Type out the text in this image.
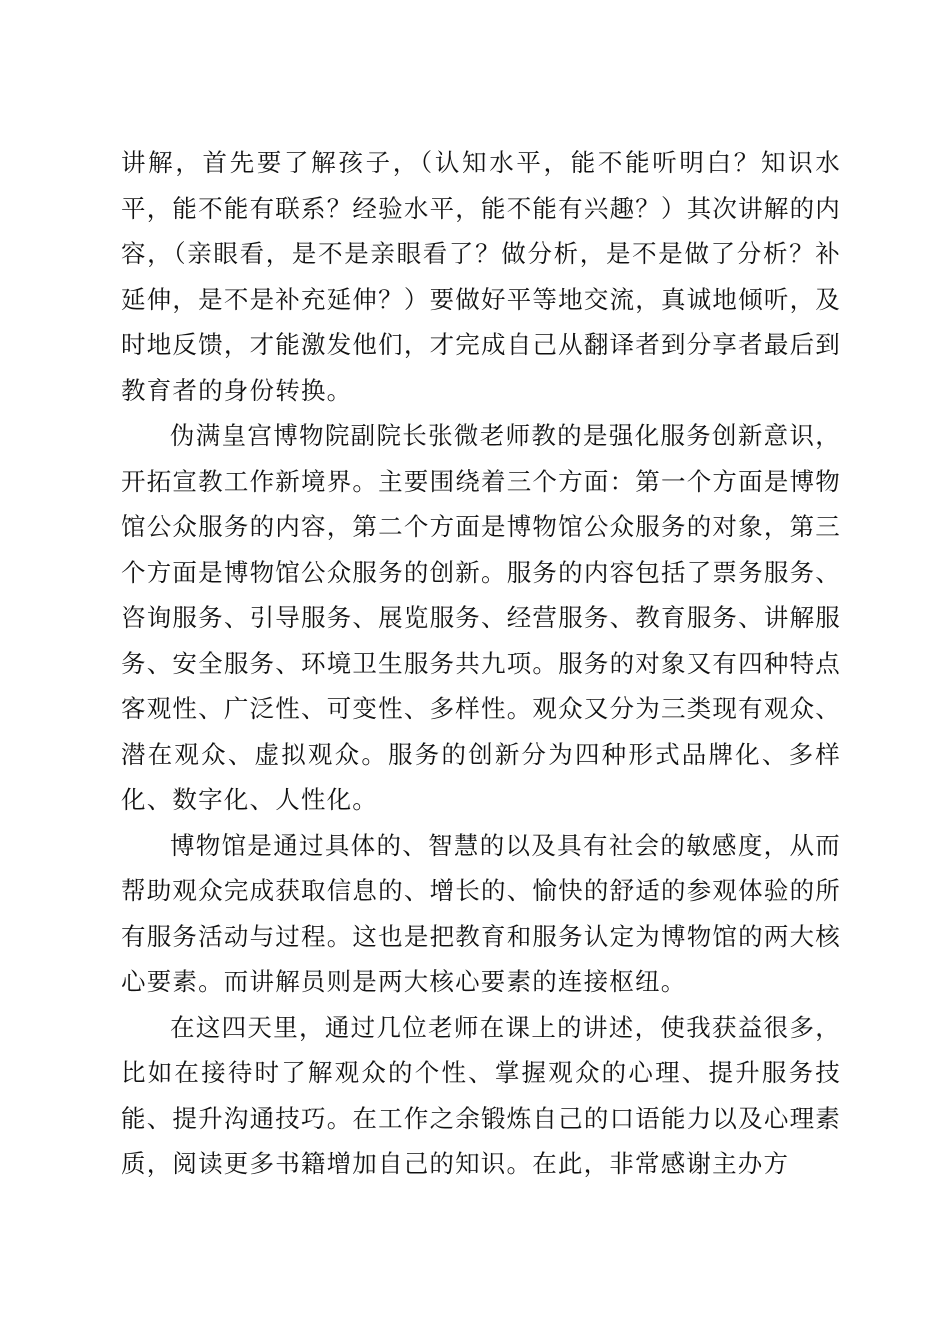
讲解，首先要了解孩子，（认知水平，能不能听明白？知识水平，能不能有联系？经验水平，能不能有兴趣？）其次讲解的内容，（亲眼看，是不是亲眼看了？做分析，是不是做了分析？补延伸，是不是补充延伸？）要做好平等地交流，真诚地倾听，及时地反馈，才能激发他们，才完成自己从翻译者到分享者最后到教育者的身份转换。

伪满皇宫博物院副院长张微老师教的是强化服务创新意识，开拓宣教工作新境界。主要围绕着三个方面：第一个方面是博物馆公众服务的内容，第二个方面是博物馆公众服务的对象，第三个方面是博物馆公众服务的创新。服务的内容包括了票务服务、咨询服务、引导服务、展览服务、经营服务、教育服务、讲解服务、安全服务、环境卫生服务共九项。服务的对象又有四种特点客观性、广泛性、可变性、多样性。观众又分为三类现有观众、潜在观众、虚拟观众。服务的创新分为四种形式品牌化、多样化、数字化、人性化。

博物馆是通过具体的、智慧的以及具有社会的敏感度，从而帮助观众完成获取信息的、增长的、愉快的舒适的参观体验的所有服务活动与过程。这也是把教育和服务认定为博物馆的两大核心要素。而讲解员则是两大核心要素的连接枢纽。

在这四天里，通过几位老师在课上的讲述，使我获益很多，比如在接待时了解观众的个性、掌握观众的心理、提升服务技能、提升沟通技巧。在工作之余锻炼自己的口语能力以及心理素质，阅读更多书籍增加自己的知识。在此，非常感谢主办方
